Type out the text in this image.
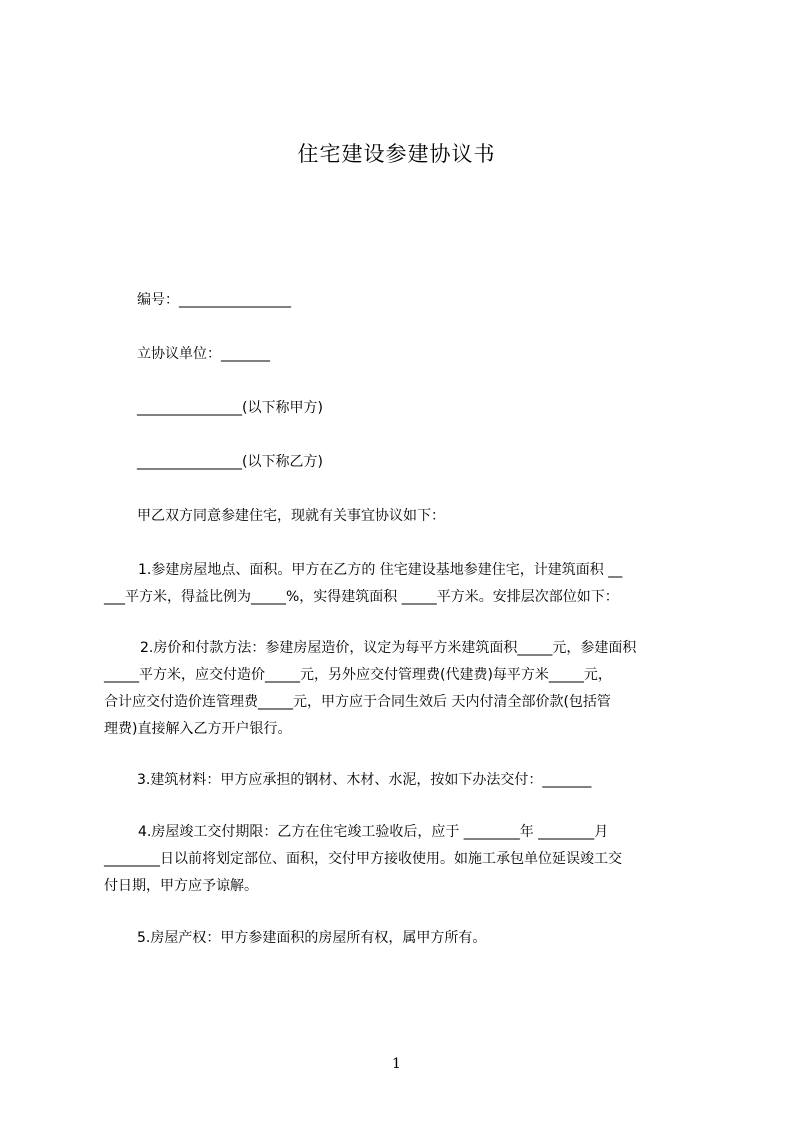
住宅建设参建协议书
编号：________________
立协议单位：_______
_______________(以下称甲方)
_______________(以下称乙方)
甲乙双方同意参建住宅，现就有关事宜协议如下：
1.参建房屋地点、面积。甲方在乙方的 住宅建设基地参建住宅，计建筑面积 __
___平方米，得益比例为_____%，实得建筑面积 _____平方米。安排层次部位如下：
2.房价和付款方法：参建房屋造价，议定为每平方米建筑面积_____元，参建面积
_____平方米，应交付造价_____元，另外应交付管理费(代建费)每平方米_____元，
合计应交付造价连管理费_____元，甲方应于合同生效后 天内付清全部价款(包括管
理费)直接解入乙方开户银行。
3.建筑材料：甲方应承担的钢材、木材、水泥，按如下办法交付：_______
4.房屋竣工交付期限：乙方在住宅竣工验收后，应于 ________年 ________月
________日以前将划定部位、面积，交付甲方接收使用。如施工承包单位延误竣工交
付日期，甲方应予谅解。
5.房屋产权：甲方参建面积的房屋所有权，属甲方所有。
1
